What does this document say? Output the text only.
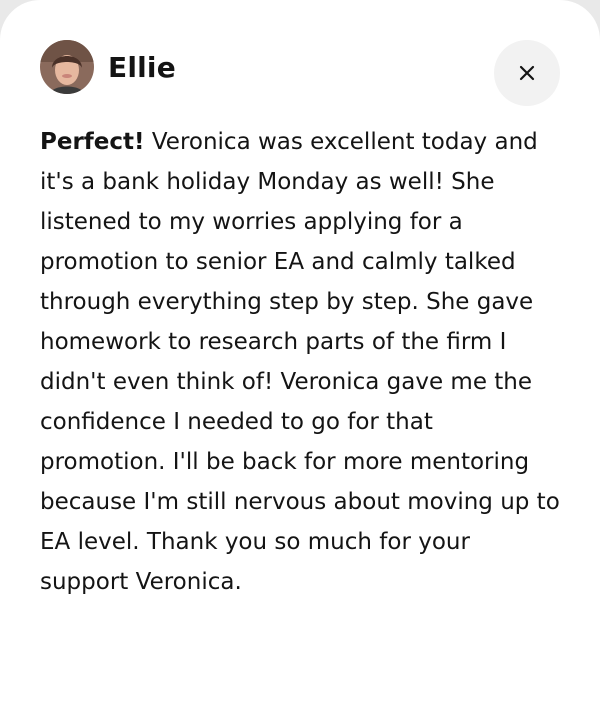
Ellie

Perfect! Veronica was excellent today and it's a bank holiday Monday as well! She listened to my worries applying for a promotion to senior EA and calmly talked through everything step by step. She gave homework to research parts of the firm I didn't even think of! Veronica gave me the confidence I needed to go for that promotion. I'll be back for more mentoring because I'm still nervous about moving up to EA level. Thank you so much for your support Veronica.
